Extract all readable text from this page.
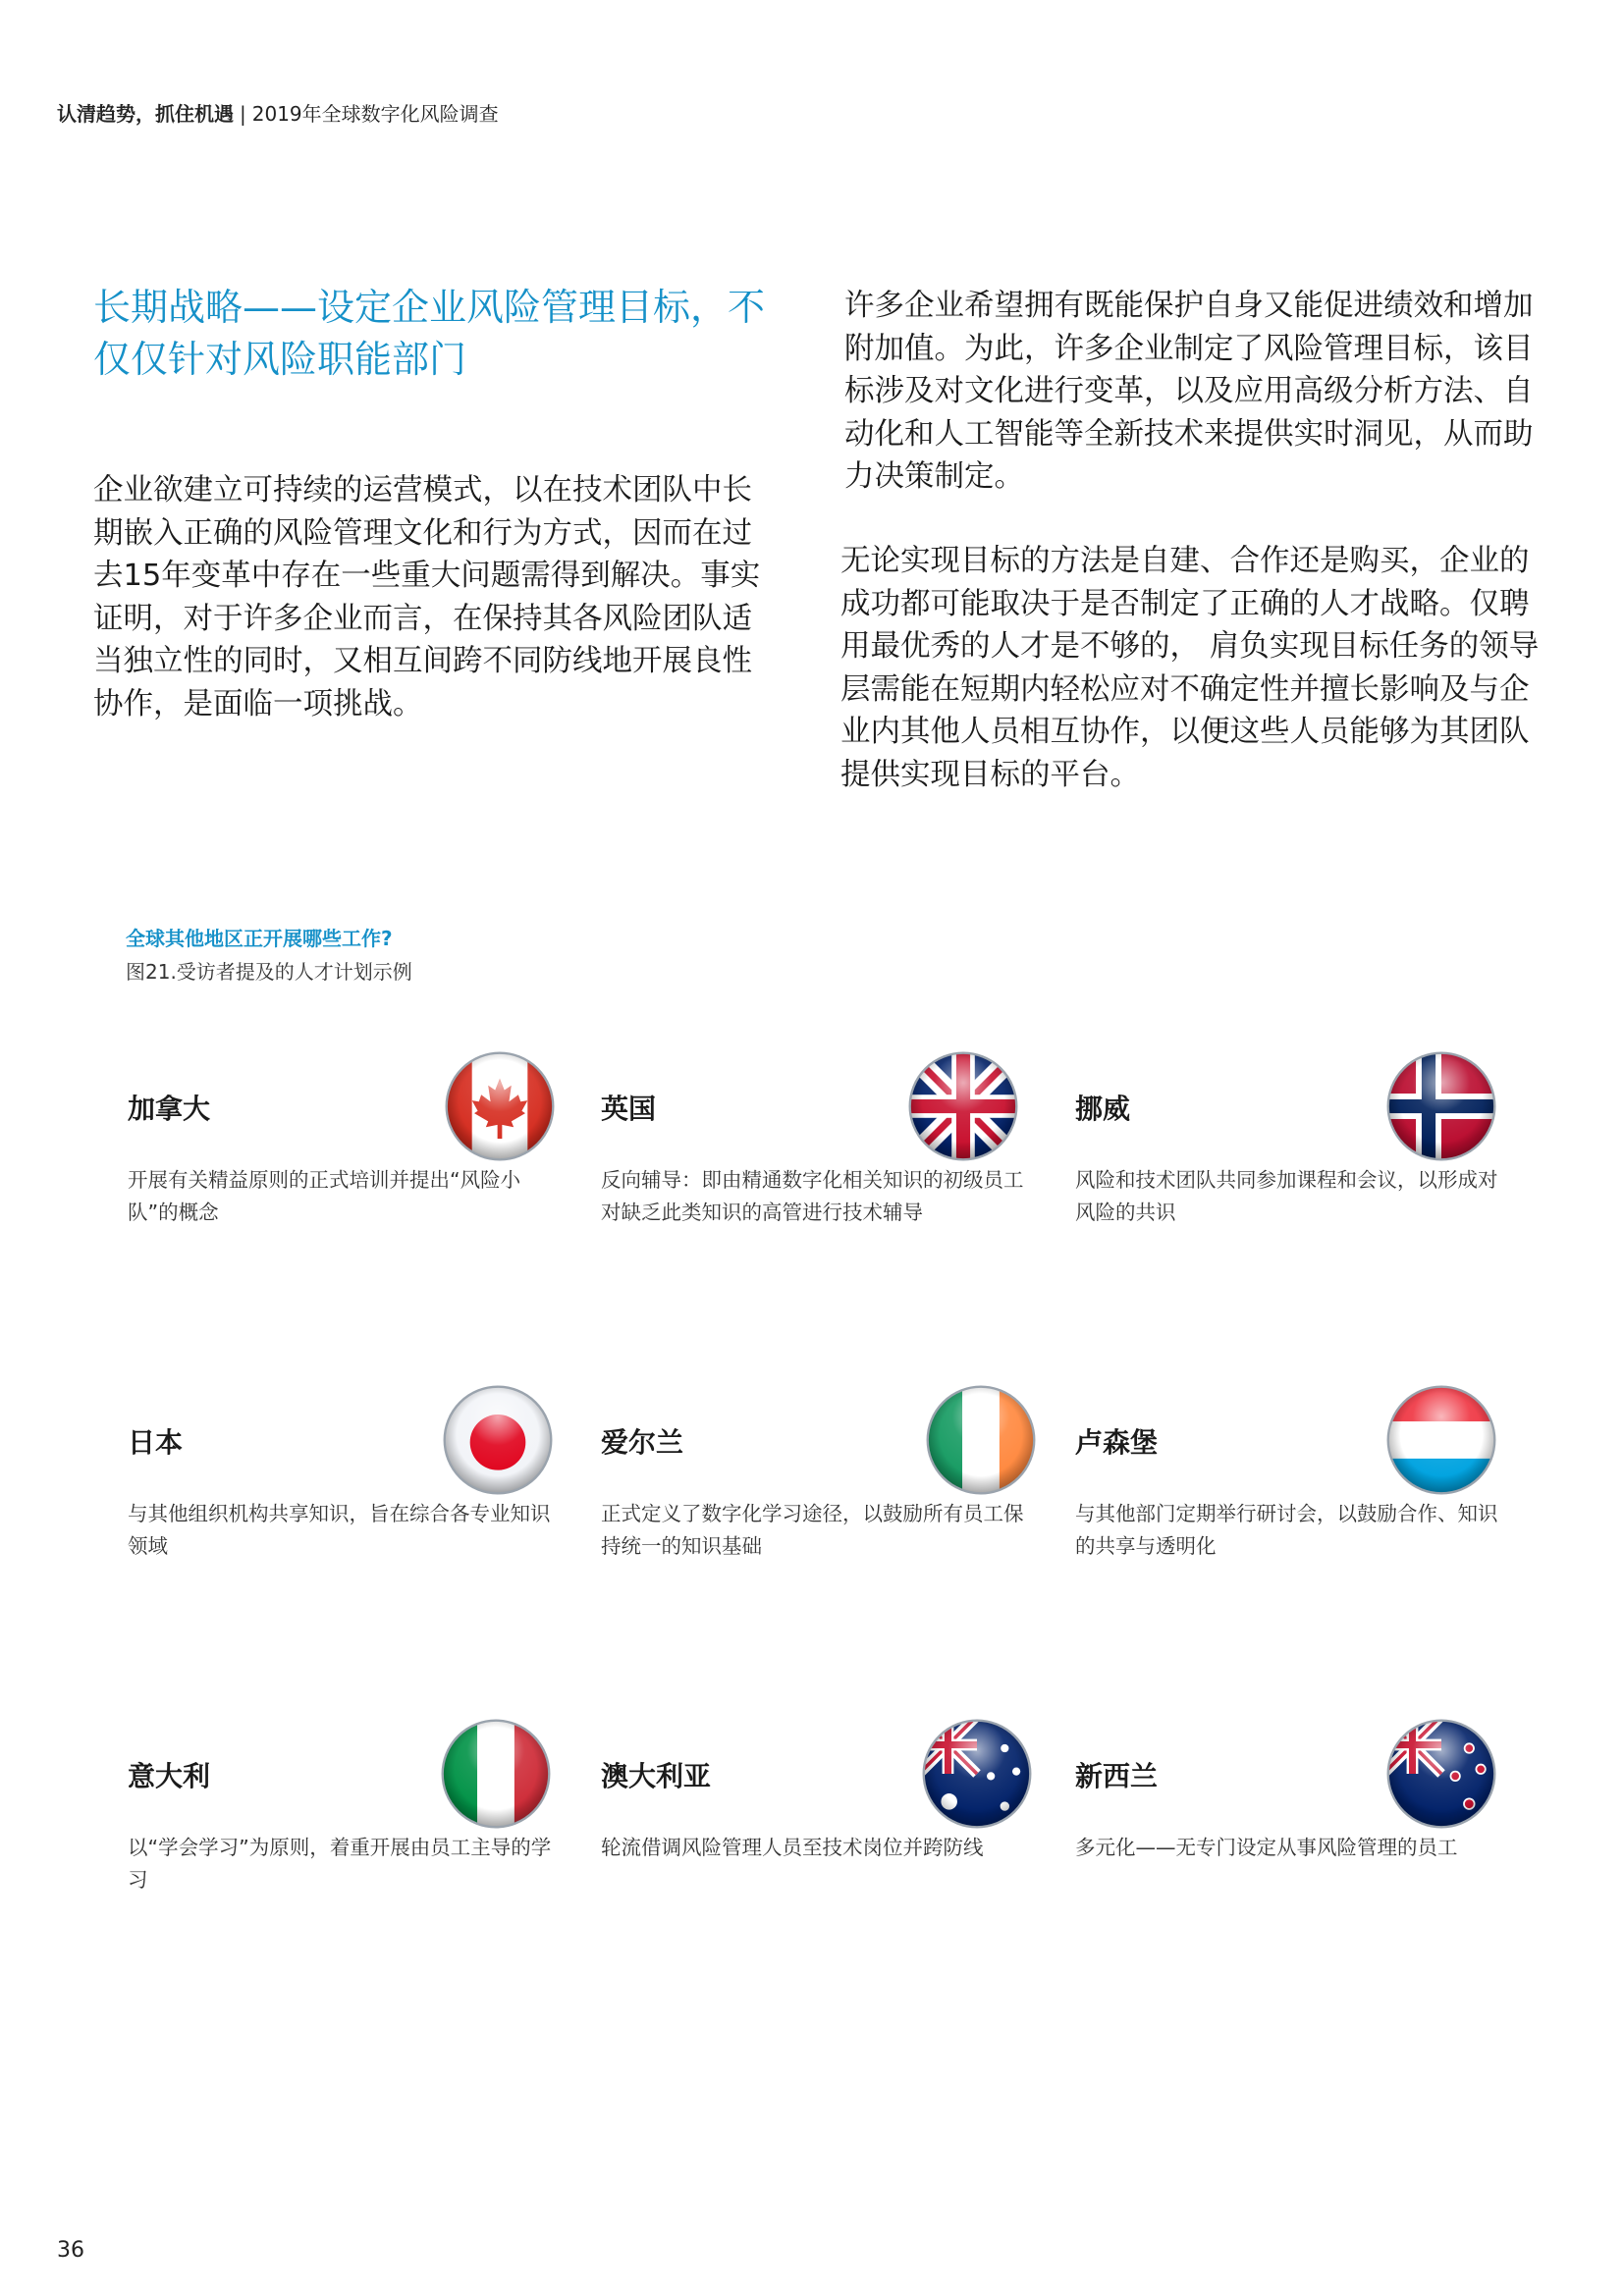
认清趋势，抓住机遇 | 2019年全球数字化风险调查
长期战略——设定企业风险管理目标，不仅仅针对风险职能部门

企业欲建立可持续的运营模式，以在技术团队中长期嵌入正确的风险管理文化和行为方式，因而在过去15年变革中存在一些重大问题需得到解决。事实证明，对于许多企业而言，在保持其各风险团队适当独立性的同时，又相互间跨不同防线地开展良性协作，是面临一项挑战。

许多企业希望拥有既能保护自身又能促进绩效和增加附加值。为此，许多企业制定了风险管理目标，该目标涉及对文化进行变革，以及应用高级分析方法、自动化和人工智能等全新技术来提供实时洞见，从而助力决策制定。

无论实现目标的方法是自建、合作还是购买，企业的成功都可能取决于是否制定了正确的人才战略。仅聘用最优秀的人才是不够的， 肩负实现目标任务的领导层需能在短期内轻松应对不确定性并擅长影响及与企业内其他人员相互协作，以便这些人员能够为其团队提供实现目标的平台。

全球其他地区正开展哪些工作?
图21.受访者提及的人才计划示例
加拿大

开展有关精益原则的正式培训并提出“风险小队”的概念

英国

反向辅导：即由精通数字化相关知识的初级员工对缺乏此类知识的高管进行技术辅导

挪威

风险和技术团队共同参加课程和会议，以形成对风险的共识

日本

与其他组织机构共享知识，旨在综合各专业知识领域

爱尔兰

正式定义了数字化学习途径，以鼓励所有员工保持统一的知识基础

卢森堡

与其他部门定期举行研讨会，以鼓励合作、知识的共享与透明化

意大利

以“学会学习”为原则，着重开展由员工主导的学习

澳大利亚

轮流借调风险管理人员至技术岗位并跨防线

新西兰

多元化——无专门设定从事风险管理的员工

36
